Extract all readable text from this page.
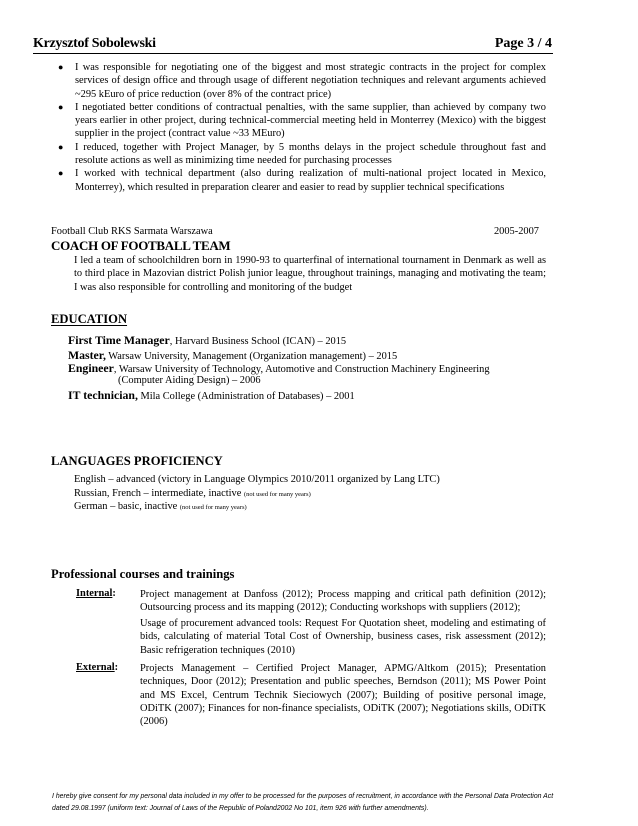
Krzysztof Sobolewski	Page 3 / 4

● I was responsible for negotiating one of the biggest and most strategic contracts in the project for complex services of design office and through usage of different negotiation techniques and relevant arguments achieved ~295 kEuro of price reduction (over 8% of the contract price)

● I negotiated better conditions of contractual penalties, with the same supplier, than achieved by company two years earlier in other project, during technical-commercial meeting held in Monterrey (Mexico) with the biggest supplier in the project (contract value ~33 MEuro)

● I reduced, together with Project Manager, by 5 months delays in the project schedule throughout fast and resolute actions as well as minimizing time needed for purchasing processes

● I worked with technical department (also during realization of multi-national project located in Mexico, Monterrey), which resulted in preparation clearer and easier to read by supplier technical specifications

Football Club RKS Sarmata Warszawa	2005-2007
COACH OF FOOTBALL TEAM
I led a team of schoolchildren born in 1990-93 to quarterfinal of international tournament in Denmark as well as to third place in Mazovian district Polish junior league, throughout trainings, managing and motivating the team; I was also responsible for controlling and monitoring of the budget
EDUCATION
First Time Manager, Harvard Business School (ICAN) – 2015
Master, Warsaw University, Management (Organization management) – 2015
Engineer, Warsaw University of Technology, Automotive and Construction Machinery Engineering
(Computer Aiding Design) – 2006
IT technician, Mila College (Administration of Databases) – 2001
LANGUAGES PROFICIENCY
English – advanced (victory in Language Olympics 2010/2011 organized by Lang LTC)
Russian, French – intermediate, inactive (not used for many years)
German – basic, inactive (not used for many years)
Professional courses and trainings
Internal: Project management at Danfoss (2012); Process mapping and critical path definition (2012); Outsourcing process and its mapping (2012); Conducting workshops with suppliers (2012);
Usage of procurement advanced tools: Request For Quotation sheet, modeling and estimating of bids, calculating of material Total Cost of Ownership, business cases, risk assessment (2012); Basic refrigeration techniques (2010)
External: Projects Management – Certified Project Manager, APMG/Altkom (2015); Presentation techniques, Door (2012); Presentation and public speeches, Berndson (2011); MS Power Point and MS Excel, Centrum Technik Sieciowych (2007); Building of positive personal image, ODiTK (2007); Finances for non-finance specialists, ODiTK (2007); Negotiations skills, ODiTK (2006)
I hereby give consent for my personal data included in my offer to be processed for the purposes of recruitment, in accordance with the Personal Data Protection Act dated 29.08.1997 (uniform text: Journal of Laws of the Republic of Poland2002 No 101, item 926 with further amendments).
